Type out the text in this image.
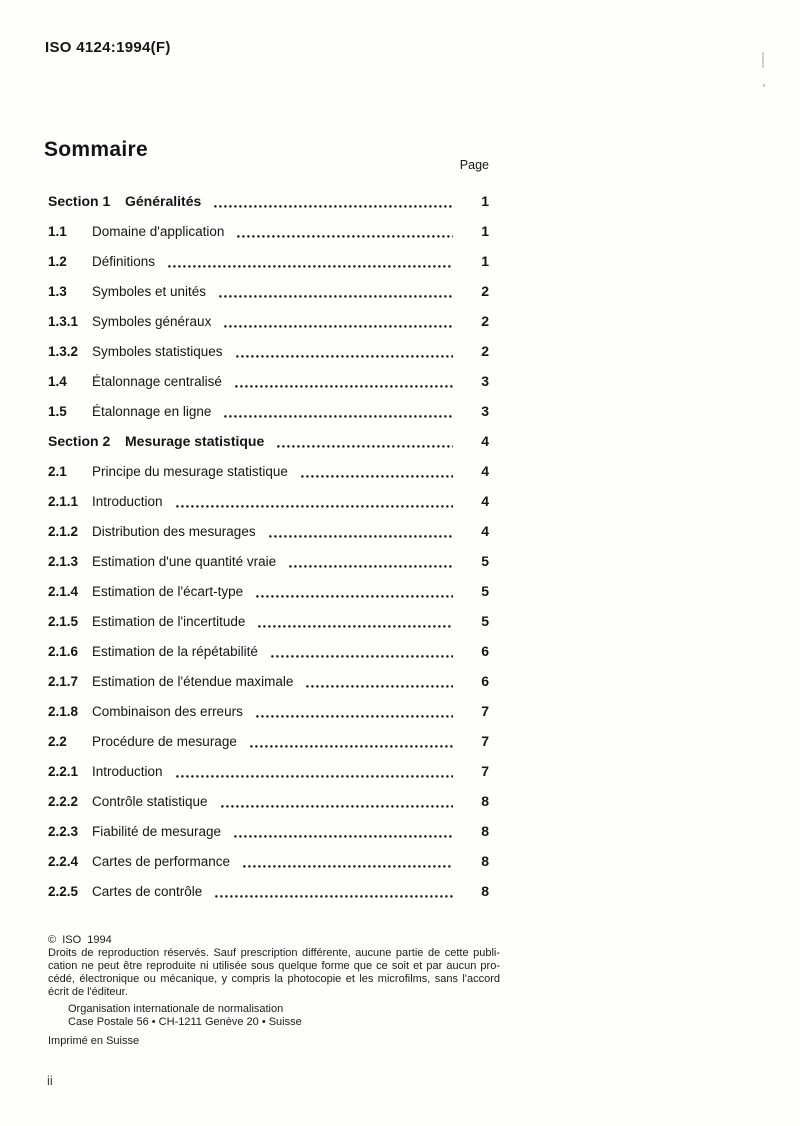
ISO 4124:1994(F)
Sommaire
Page
Section 1	Généralités	1
1.1	Domaine d'application	1
1.2	Définitions	1
1.3	Symboles et unités	2
1.3.1	Symboles généraux	2
1.3.2	Symboles statistiques	2
1.4	Étalonnage centralisé	3
1.5	Étalonnage en ligne	3
Section 2	Mesurage statistique	4
2.1	Principe du mesurage statistique	4
2.1.1	Introduction	4
2.1.2	Distribution des mesurages	4
2.1.3	Estimation d'une quantité vraie	5
2.1.4	Estimation de l'écart-type	5
2.1.5	Estimation de l'incertitude	5
2.1.6	Estimation de la répétabilité	6
2.1.7	Estimation de l'étendue maximale	6
2.1.8	Combinaison des erreurs	7
2.2	Procédure de mesurage	7
2.2.1	Introduction	7
2.2.2	Contrôle statistique	8
2.2.3	Fiabilité de mesurage	8
2.2.4	Cartes de performance	8
2.2.5	Cartes de contrôle	8
©  ISO  1994
Droits de reproduction réservés. Sauf prescription différente, aucune partie de cette publi-
cation ne peut être reproduite ni utilisée sous quelque forme que ce soit et par aucun pro-
cédé, électronique ou mécanique, y compris la photocopie et les microfilms, sans l'accord
écrit de l'éditeur.
Organisation internationale de normalisation
Case Postale 56 • CH-1211 Genève 20 • Suisse
Imprimé en Suisse
ii
